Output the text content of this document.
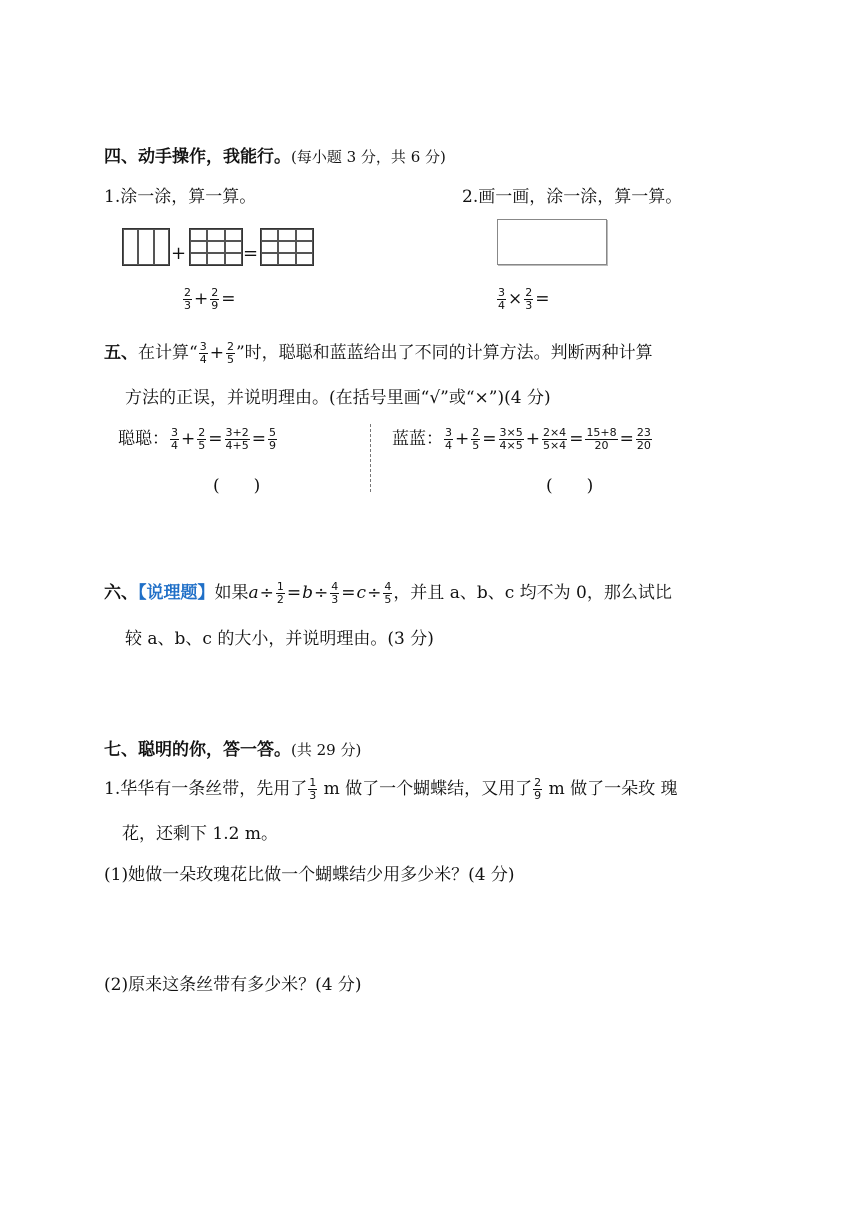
四、动手操作，我能行。(每小题 3 分，共 6 分)
1.涂一涂，算一算。	2.画一画，涂一涂，算一算。
+	=
$\frac{2}{3} + \frac{2}{9}$ =	$\frac{3}{4} \times \frac{2}{3}$ =
五、在计算“ $\frac{3}{4} + \frac{2}{5}$ ”时，聪聪和蓝蓝给出了不同的计算方法。判断两种计算
方法的正误，并说明理由。(在括号里画“√”或“×”)(4 分)
聪聪： $\frac{3}{4} + \frac{2}{5} = \frac{3+2}{4+5} = \frac{5}{9}$
(　　)
蓝蓝： $\frac{3}{4} + \frac{2}{5} = \frac{3\times 5}{4\times 5} + \frac{2\times 4}{5\times 4} = \frac{15+8}{20} = \frac{23}{20}$
(　　)
六、【说理题】如果$a\div \frac{1}{2} =b\div \frac{4}{3} =c\div \frac{4}{5}$ ，并且 a、b、c 均不为 0，那么试比
较 a、b、c 的大小，并说明理由。(3 分)
七、聪明的你，答一答。(共 29 分)
1.华华有一条丝带，先用了 $\frac{1}{3}$ m 做了一个蝴蝶结，又用了 $\frac{2}{9}$ m 做了一朵玫 瑰
花，还剩下 1.2 m。
(1)她做一朵玫瑰花比做一个蝴蝶结少用多少米？(4 分)
(2)原来这条丝带有多少米？(4 分)
